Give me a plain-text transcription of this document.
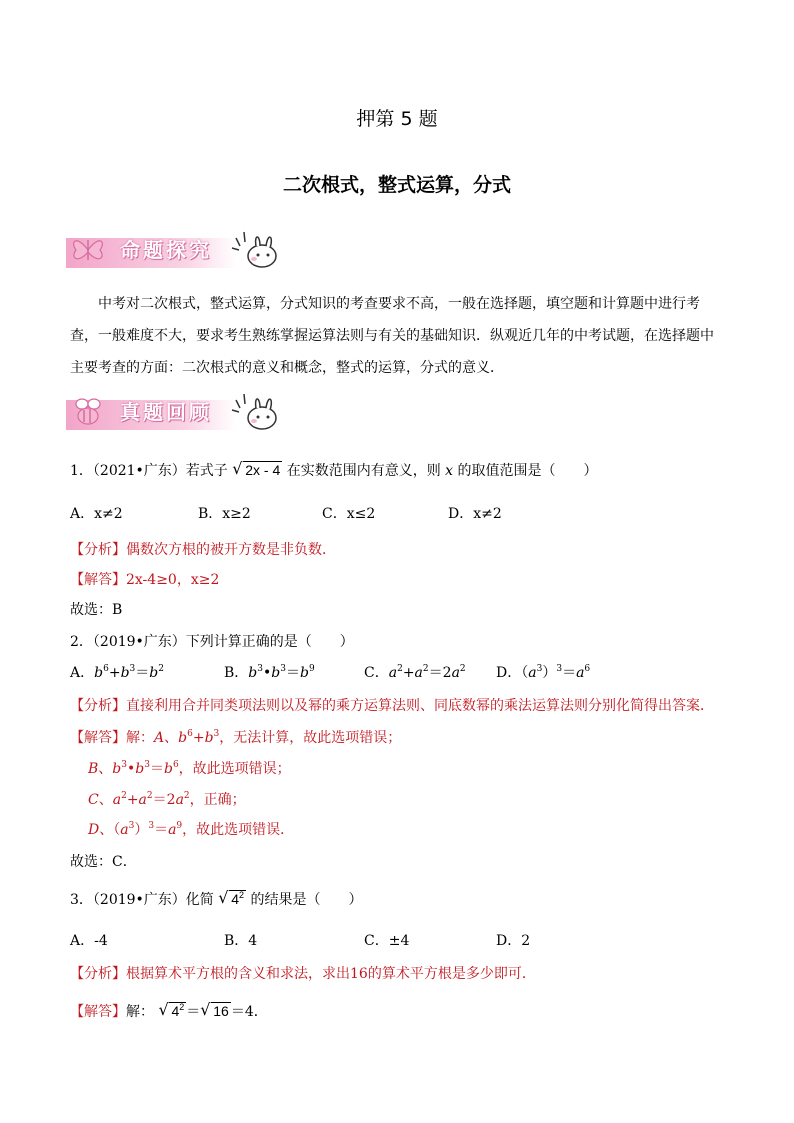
押第 5 题
二次根式，整式运算，分式
命题探究

中考对二次根式，整式运算，分式知识的考查要求不高，一般在选择题，填空题和计算题中进行考查，一般难度不大，要求考生熟练掌握运算法则与有关的基础知识．纵观近几年的中考试题，在选择题中主要考查的方面：二次根式的意义和概念，整式的运算，分式的意义．

真题回顾
1．（2021•广东）若式子 √ 2x - 4 在实数范围内有意义，则 x 的取值范围是（　　）
A．x≠2	B．x≥2	C．x≤2	D．x≠2
【分析】偶数次方根的被开方数是非负数．
【解答】2x-4≥0，x≥2
故选：B
2．（2019•广东）下列计算正确的是（　　）
A．$b^6+b^3=b^2$	B．$b^3•b^3=b^9$	C．$a^2+a^2=2a^2$ D．$(a^3)^3=a^6$
【分析】直接利用合并同类项法则以及幂的乘方运算法则、同底数幂的乘法运算法则分别化简得出答案．
【解答】解：A、$b^6+b^3$，无法计算，故此选项错误；
B、$b^3•b^3=b^6$，故此选项错误；
C、$a^2+a^2=2a^2$，正确；
D、$(a^3)^3=a^9$，故此选项错误．
故选：C．
3．（2019•广东）化简 √ $4^2$ 的结果是（　　）
A．-4	B．4	C．±4	D．2
【分析】根据算术平方根的含义和求法，求出16的算术平方根是多少即可．
【解答】解： √ $4^2$ ＝ √ 16 ＝4．
